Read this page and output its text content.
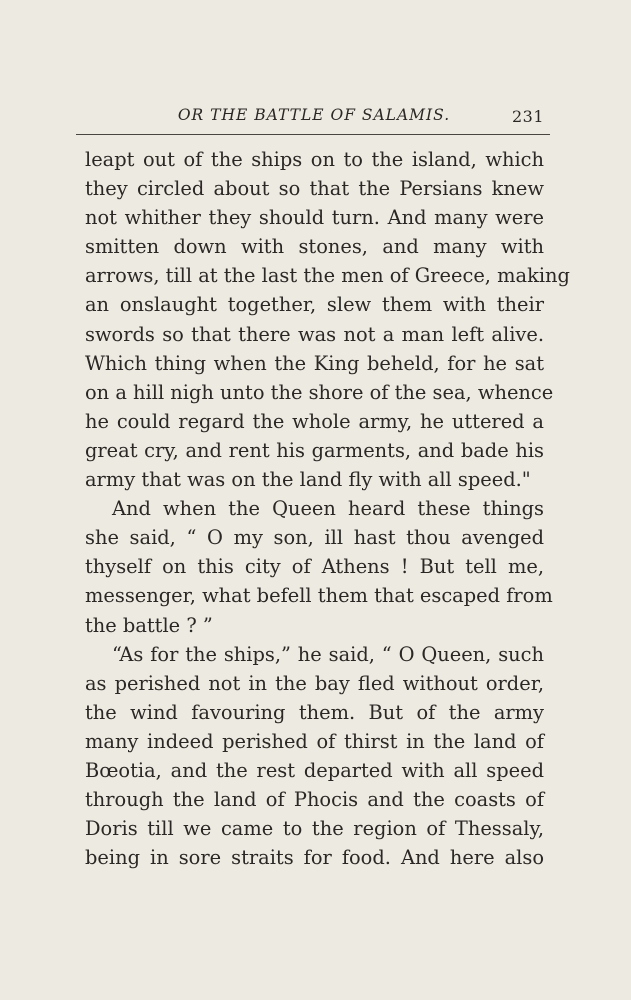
OR THE BATTLE OF SALAMIS.	231
leapt out of the ships on to the island, which
they circled about so that the Persians knew
not whither they should turn. And many were
smitten down with stones, and many with
arrows, till at the last the men of Greece, making
an onslaught together, slew them with their
swords so that there was not a man left alive.
Which thing when the King beheld, for he sat
on a hill nigh unto the shore of the sea, whence
he could regard the whole army, he uttered a
great cry, and rent his garments, and bade his
army that was on the land fly with all speed."
And when the Queen heard these things
she said, “ O my son, ill hast thou avenged
thyself on this city of Athens ! But tell me,
messenger, what befell them that escaped from
the battle ? ”
“As for the ships,” he said, “ O Queen, such
as perished not in the bay fled without order,
the wind favouring them. But of the army
many indeed perished of thirst in the land of
Bœotia, and the rest departed with all speed
through the land of Phocis and the coasts of
Doris till we came to the region of Thessaly,
being in sore straits for food. And here also
